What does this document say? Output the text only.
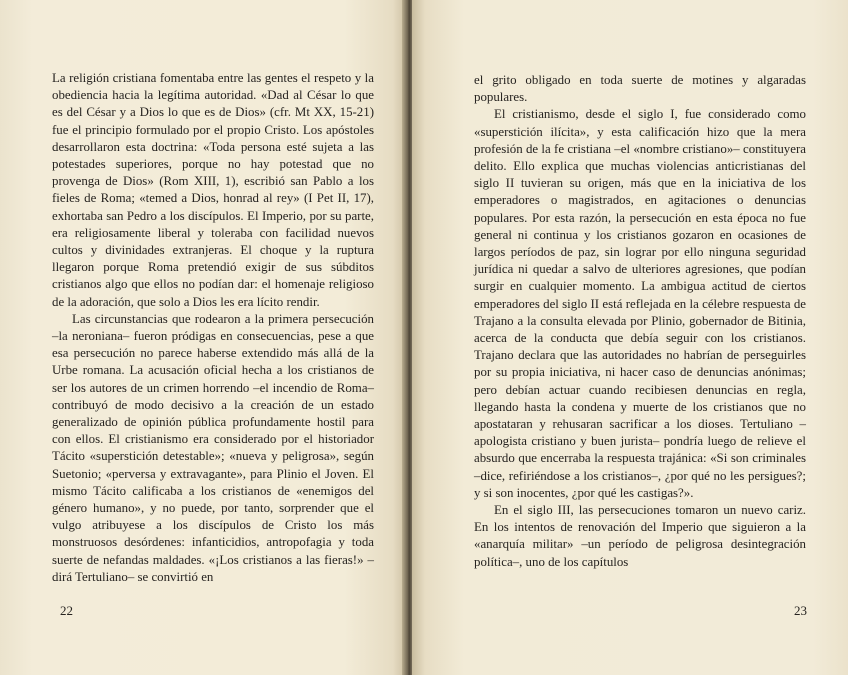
La religión cristiana fomentaba entre las gentes el respeto y la obediencia hacia la legítima autoridad. «Dad al César lo que es del César y a Dios lo que es de Dios» (cfr. Mt XX, 15-21) fue el principio formulado por el propio Cristo. Los apóstoles desarrollaron esta doctrina: «Toda persona esté sujeta a las potestades superiores, porque no hay potestad que no provenga de Dios» (Rom XIII, 1), escribió san Pablo a los fieles de Roma; «temed a Dios, honrad al rey» (I Pet II, 17), exhortaba san Pedro a los discípulos. El Imperio, por su parte, era religiosamente liberal y toleraba con facilidad nuevos cultos y divinidades extranjeras. El choque y la ruptura llegaron porque Roma pretendió exigir de sus súbditos cristianos algo que ellos no podían dar: el homenaje religioso de la adoración, que solo a Dios les era lícito rendir.

Las circunstancias que rodearon a la primera persecución –la neroniana– fueron pródigas en consecuencias, pese a que esa persecución no parece haberse extendido más allá de la Urbe romana. La acusación oficial hecha a los cristianos de ser los autores de un crimen horrendo –el incendio de Roma– contribuyó de modo decisivo a la creación de un estado generalizado de opinión pública profundamente hostil para con ellos. El cristianismo era considerado por el historiador Tácito «superstición detestable»; «nueva y peligrosa», según Suetonio; «perversa y extravagante», para Plinio el Joven. El mismo Tácito calificaba a los cristianos de «enemigos del género humano», y no puede, por tanto, sorprender que el vulgo atribuyese a los discípulos de Cristo los más monstruosos desórdenes: infanticidios, antropofagia y toda suerte de nefandas maldades. «¡Los cristianos a las fieras!» –dirá Tertuliano– se convirtió en

22

el grito obligado en toda suerte de motines y algaradas populares.

El cristianismo, desde el siglo I, fue considerado como «superstición ilícita», y esta calificación hizo que la mera profesión de la fe cristiana –el «nombre cristiano»– constituyera delito. Ello explica que muchas violencias anticristianas del siglo II tuvieran su origen, más que en la iniciativa de los emperadores o magistrados, en agitaciones o denuncias populares. Por esta razón, la persecución en esta época no fue general ni continua y los cristianos gozaron en ocasiones de largos períodos de paz, sin lograr por ello ninguna seguridad jurídica ni quedar a salvo de ulteriores agresiones, que podían surgir en cualquier momento. La ambigua actitud de ciertos emperadores del siglo II está reflejada en la célebre respuesta de Trajano a la consulta elevada por Plinio, gobernador de Bitinia, acerca de la conducta que debía seguir con los cristianos. Trajano declara que las autoridades no habrían de perseguirles por su propia iniciativa, ni hacer caso de denuncias anónimas; pero debían actuar cuando recibiesen denuncias en regla, llegando hasta la condena y muerte de los cristianos que no apostataran y rehusaran sacrificar a los dioses. Tertuliano –apologista cristiano y buen jurista– pondría luego de relieve el absurdo que encerraba la respuesta trajánica: «Si son criminales –dice, refiriéndose a los cristianos–, ¿por qué no les persigues?; y si son inocentes, ¿por qué les castigas?».

En el siglo III, las persecuciones tomaron un nuevo cariz. En los intentos de renovación del Imperio que siguieron a la «anarquía militar» –un período de peligrosa desintegración política–, uno de los capítulos

23
